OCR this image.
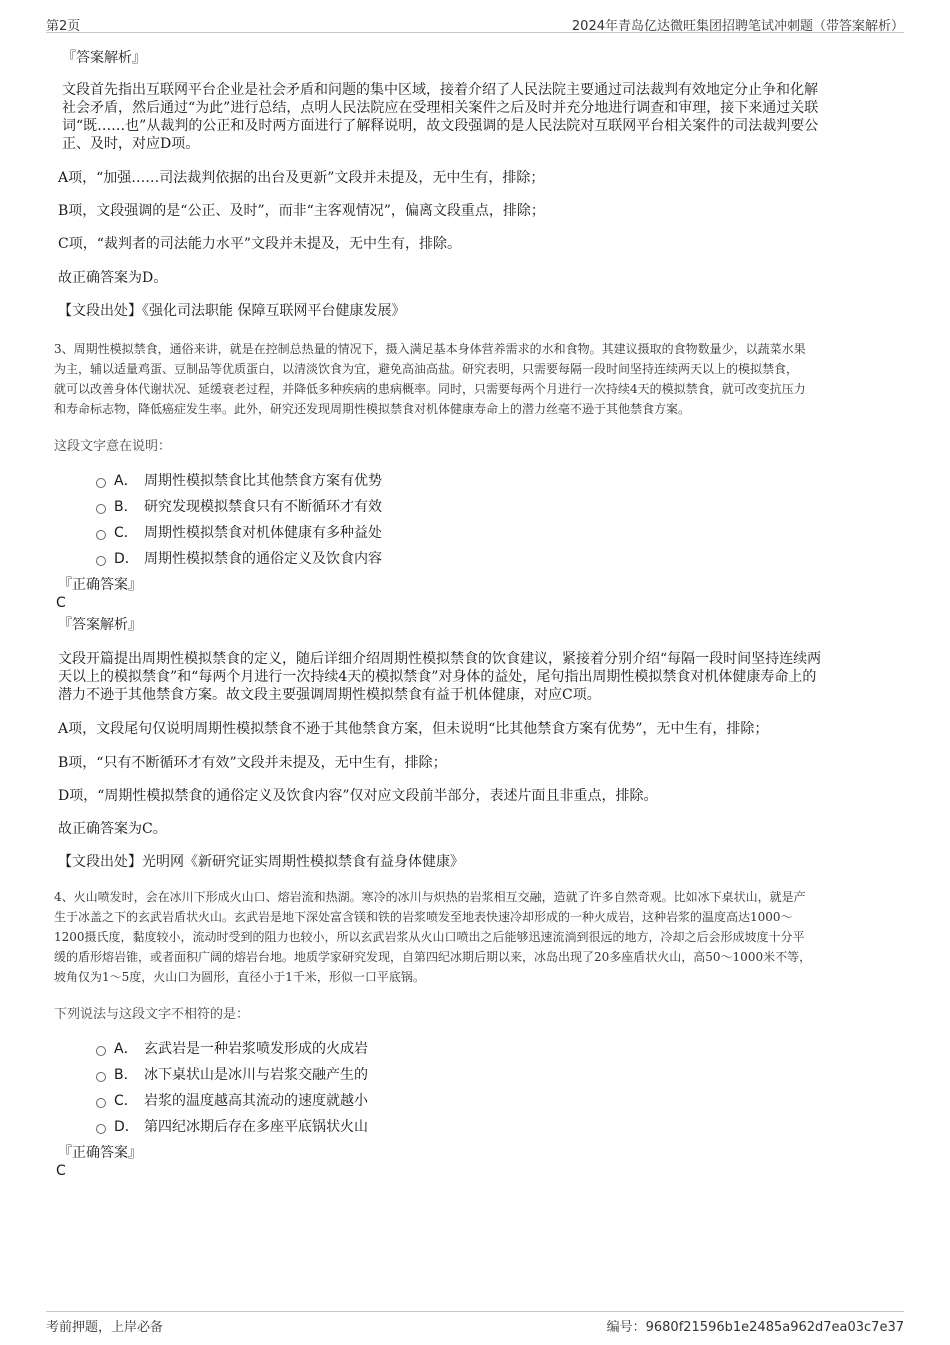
第2页	2024年青岛亿达微旺集团招聘笔试冲刺题（带答案解析）
『答案解析』
文段首先指出互联网平台企业是社会矛盾和问题的集中区域，接着介绍了人民法院主要通过司法裁判有效地定分止争和化解
社会矛盾，然后通过“为此”进行总结，点明人民法院应在受理相关案件之后及时并充分地进行调查和审理，接下来通过关联
词“既……也”从裁判的公正和及时两方面进行了解释说明，故文段强调的是人民法院对互联网平台相关案件的司法裁判要公
正、及时，对应D项。
A项，“加强……司法裁判依据的出台及更新”文段并未提及，无中生有，排除；
B项，文段强调的是“公正、及时”，而非“主客观情况”，偏离文段重点，排除；
C项，“裁判者的司法能力水平”文段并未提及，无中生有，排除。
故正确答案为D。
【文段出处】《强化司法职能 保障互联网平台健康发展》
3、周期性模拟禁食，通俗来讲，就是在控制总热量的情况下，摄入满足基本身体营养需求的水和食物。其建议摄取的食物数量少，以蔬菜水果
为主，辅以适量鸡蛋、豆制品等优质蛋白，以清淡饮食为宜，避免高油高盐。研究表明，只需要每隔一段时间坚持连续两天以上的模拟禁食，
就可以改善身体代谢状况、延缓衰老过程，并降低多种疾病的患病概率。同时，只需要每两个月进行一次持续4天的模拟禁食，就可改变抗压力
和寿命标志物，降低癌症发生率。此外，研究还发现周期性模拟禁食对机体健康寿命上的潜力丝毫不逊于其他禁食方案。
这段文字意在说明：
A． 周期性模拟禁食比其他禁食方案有优势
B． 研究发现模拟禁食只有不断循环才有效
C． 周期性模拟禁食对机体健康有多种益处
D． 周期性模拟禁食的通俗定义及饮食内容
『正确答案』
C
『答案解析』
文段开篇提出周期性模拟禁食的定义，随后详细介绍周期性模拟禁食的饮食建议，紧接着分别介绍“每隔一段时间坚持连续两
天以上的模拟禁食”和“每两个月进行一次持续4天的模拟禁食”对身体的益处，尾句指出周期性模拟禁食对机体健康寿命上的
潜力不逊于其他禁食方案。故文段主要强调周期性模拟禁食有益于机体健康，对应C项。
A项，文段尾句仅说明周期性模拟禁食不逊于其他禁食方案，但未说明“比其他禁食方案有优势”，无中生有，排除；
B项，“只有不断循环才有效”文段并未提及，无中生有，排除；
D项，“周期性模拟禁食的通俗定义及饮食内容”仅对应文段前半部分，表述片面且非重点，排除。
故正确答案为C。
【文段出处】光明网《新研究证实周期性模拟禁食有益身体健康》
4、火山喷发时，会在冰川下形成火山口、熔岩流和热湖。寒冷的冰川与炽热的岩浆相互交融，造就了许多自然奇观。比如冰下桌状山，就是产
生于冰盖之下的玄武岩盾状火山。玄武岩是地下深处富含镁和铁的岩浆喷发至地表快速冷却形成的一种火成岩，这种岩浆的温度高达1000～
1200摄氏度，黏度较小，流动时受到的阻力也较小，所以玄武岩浆从火山口喷出之后能够迅速流淌到很远的地方，冷却之后会形成坡度十分平
缓的盾形熔岩锥，或者面积广阔的熔岩台地。地质学家研究发现，自第四纪冰期后期以来，冰岛出现了20多座盾状火山，高50～1000米不等，
坡角仅为1～5度，火山口为圆形，直径小于1千米，形似一口平底锅。
下列说法与这段文字不相符的是：
A． 玄武岩是一种岩浆喷发形成的火成岩
B． 冰下桌状山是冰川与岩浆交融产生的
C． 岩浆的温度越高其流动的速度就越小
D． 第四纪冰期后存在多座平底锅状火山
『正确答案』
C
考前押题，上岸必备	编号：9680f21596b1e2485a962d7ea03c7e37
